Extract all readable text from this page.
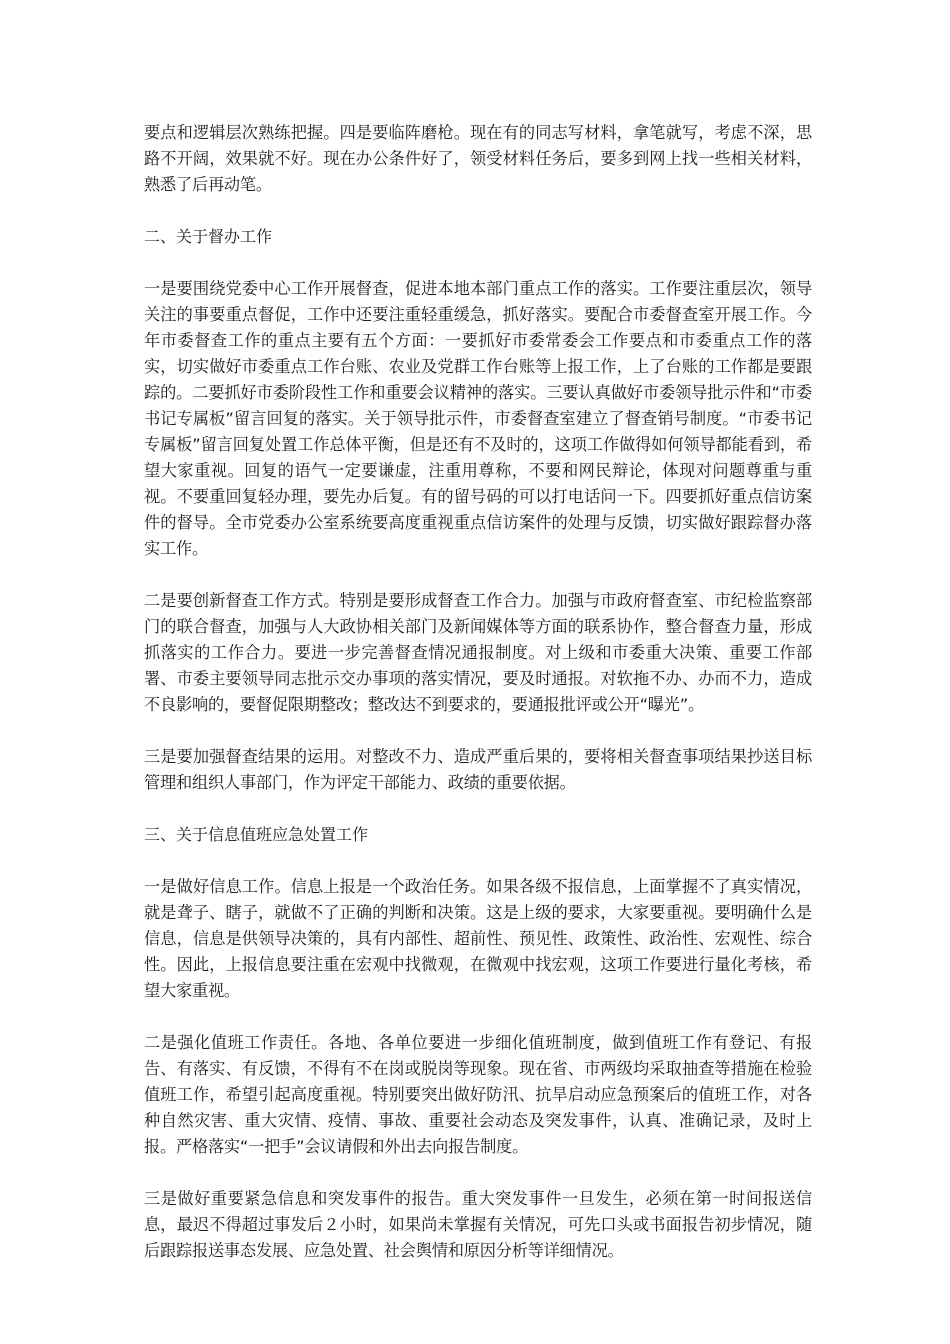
要点和逻辑层次熟练把握。四是要临阵磨枪。现在有的同志写材料，拿笔就写，考虑不深，思路不开阔，效果就不好。现在办公条件好了，领受材料任务后，要多到网上找一些相关材料，熟悉了后再动笔。

二、关于督办工作

一是要围绕党委中心工作开展督查，促进本地本部门重点工作的落实。工作要注重层次，领导关注的事要重点督促，工作中还要注重轻重缓急，抓好落实。要配合市委督查室开展工作。今年市委督查工作的重点主要有五个方面：一要抓好市委常委会工作要点和市委重点工作的落实，切实做好市委重点工作台账、农业及党群工作台账等上报工作，上了台账的工作都是要跟踪的。二要抓好市委阶段性工作和重要会议精神的落实。三要认真做好市委领导批示件和“市委书记专属板”留言回复的落实。关于领导批示件，市委督查室建立了督查销号制度。“市委书记专属板”留言回复处置工作总体平衡，但是还有不及时的，这项工作做得如何领导都能看到，希望大家重视。回复的语气一定要谦虚，注重用尊称，不要和网民辩论，体现对问题尊重与重视。不要重回复轻办理，要先办后复。有的留号码的可以打电话问一下。四要抓好重点信访案件的督导。全市党委办公室系统要高度重视重点信访案件的处理与反馈，切实做好跟踪督办落实工作。

二是要创新督查工作方式。特别是要形成督查工作合力。加强与市政府督查室、市纪检监察部门的联合督查，加强与人大政协相关部门及新闻媒体等方面的联系协作，整合督查力量，形成抓落实的工作合力。要进一步完善督查情况通报制度。对上级和市委重大决策、重要工作部署、市委主要领导同志批示交办事项的落实情况，要及时通报。对软拖不办、办而不力，造成不良影响的，要督促限期整改；整改达不到要求的，要通报批评或公开“曝光”。

三是要加强督查结果的运用。对整改不力、造成严重后果的，要将相关督查事项结果抄送目标管理和组织人事部门，作为评定干部能力、政绩的重要依据。

三、关于信息值班应急处置工作

一是做好信息工作。信息上报是一个政治任务。如果各级不报信息，上面掌握不了真实情况，就是聋子、瞎子，就做不了正确的判断和决策。这是上级的要求，大家要重视。要明确什么是信息，信息是供领导决策的，具有内部性、超前性、预见性、政策性、政治性、宏观性、综合性。因此，上报信息要注重在宏观中找微观，在微观中找宏观，这项工作要进行量化考核，希望大家重视。

二是强化值班工作责任。各地、各单位要进一步细化值班制度，做到值班工作有登记、有报告、有落实、有反馈，不得有不在岗或脱岗等现象。现在省、市两级均采取抽查等措施在检验值班工作，希望引起高度重视。特别要突出做好防汛、抗旱启动应急预案后的值班工作，对各种自然灾害、重大灾情、疫情、事故、重要社会动态及突发事件，认真、准确记录，及时上报。严格落实“一把手”会议请假和外出去向报告制度。

三是做好重要紧急信息和突发事件的报告。重大突发事件一旦发生，必须在第一时间报送信息，最迟不得超过事发后２小时，如果尚未掌握有关情况，可先口头或书面报告初步情况，随后跟踪报送事态发展、应急处置、社会舆情和原因分析等详细情况。
